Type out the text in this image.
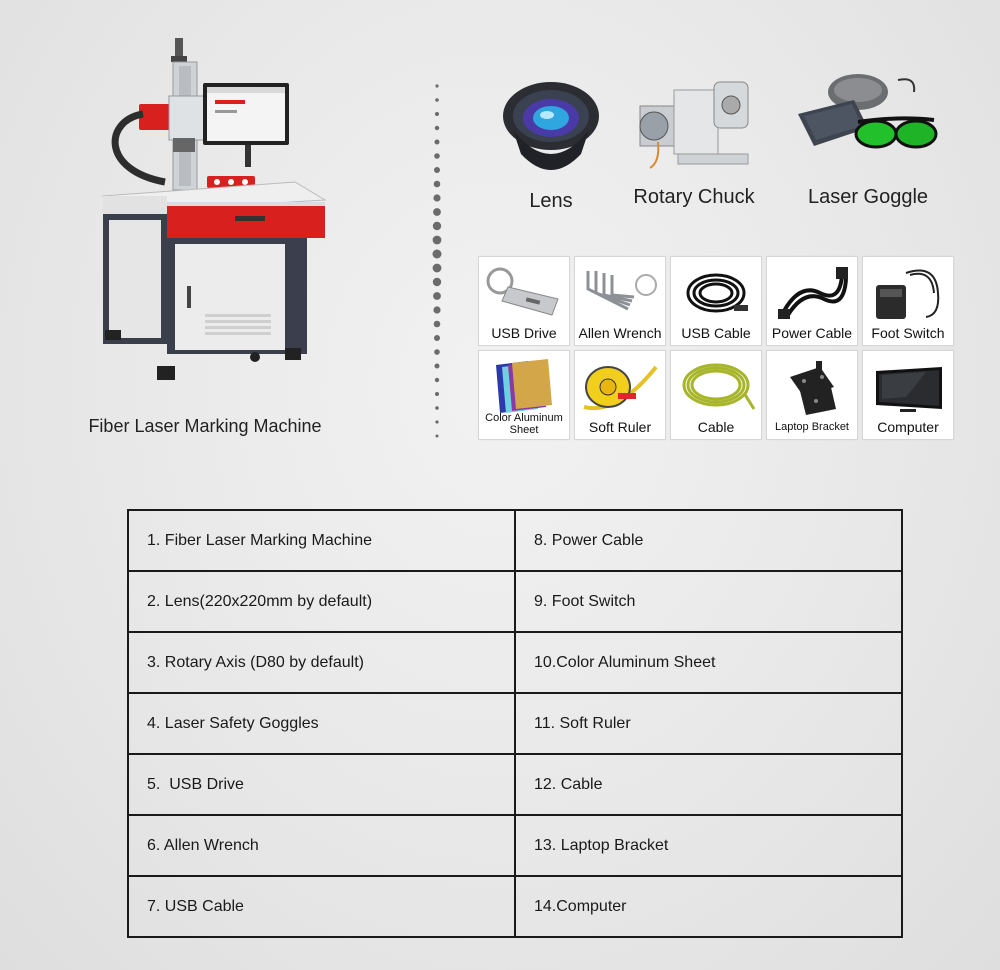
Fiber Laser Marking Machine
Lens	Rotary Chuck	Laser Goggle
USB Drive	Allen Wrench	USB Cable	Power Cable	Foot Switch
Color Aluminum Sheet	Soft Ruler	Cable	Laptop Bracket	Computer
1. Fiber Laser Marking Machine	8. Power Cable
2. Lens(220x220mm by default)	9. Foot Switch
3. Rotary Axis (D80 by default)	10.Color Aluminum Sheet
4. Laser Safety Goggles	11. Soft Ruler
5.  USB Drive	12. Cable
6. Allen Wrench	13. Laptop Bracket
7. USB Cable	14.Computer
